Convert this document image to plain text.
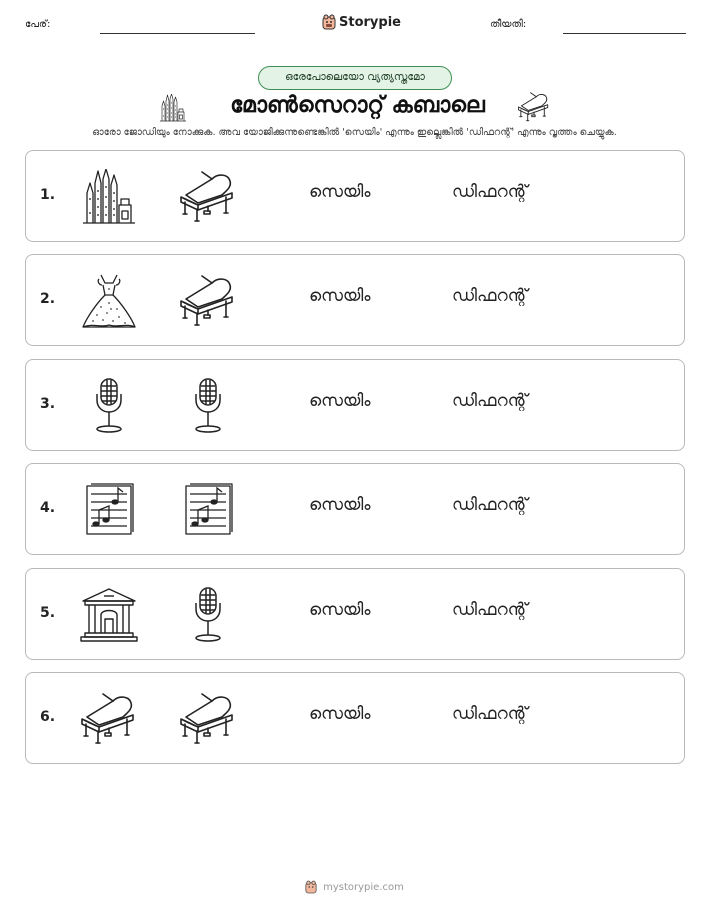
പേര്:	Storypie	തീയതി:
ഒരേപോലെയോ വ്യത്യസ്തമോ
മോൺസെറാറ്റ് കബാലെ
ഓരോ ജോഡിയും നോക്കുക. അവ യോജിക്കുന്നുണ്ടെങ്കിൽ 'സെയിം' എന്നും ഇല്ലെങ്കിൽ 'ഡിഫറന്റ്' എന്നും വൃത്തം ചെയ്യുക.
1.	സെയിം	ഡിഫറന്റ്
2.	സെയിം	ഡിഫറന്റ്
3.	സെയിം	ഡിഫറന്റ്
4.	സെയിം	ഡിഫറന്റ്
5.	സെയിം	ഡിഫറന്റ്
6.	സെയിം	ഡിഫറന്റ്
mystorypie.com
